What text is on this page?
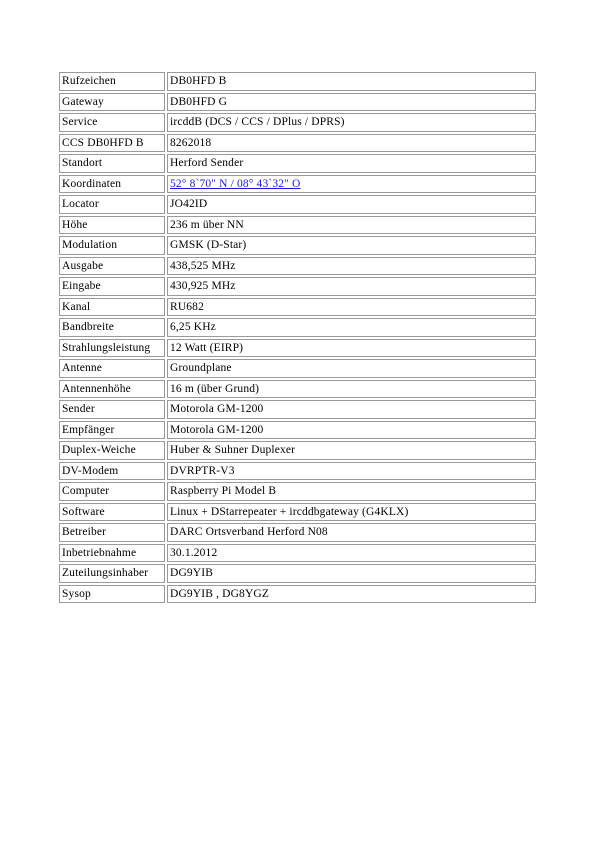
Rufzeichen	DB0HFD B
Gateway	DB0HFD G
Service	ircddB (DCS / CCS / DPlus / DPRS)
CCS DB0HFD B	8262018
Standort	Herford Sender
Koordinaten	52° 8`70" N / 08° 43`32" O
Locator	JO42ID
Höhe	236 m über NN
Modulation	GMSK (D-Star)
Ausgabe	438,525 MHz
Eingabe	430,925 MHz
Kanal	RU682
Bandbreite	6,25 KHz
Strahlungsleistung	12 Watt (EIRP)
Antenne	Groundplane
Antennenhöhe	16 m (über Grund)
Sender	Motorola GM-1200
Empfänger	Motorola GM-1200
Duplex-Weiche	Huber & Suhner Duplexer
DV-Modem	DVRPTR-V3
Computer	Raspberry Pi Model B
Software	Linux + DStarrepeater + ircddbgateway (G4KLX)
Betreiber	DARC Ortsverband Herford N08
Inbetriebnahme	30.1.2012
Zuteilungsinhaber	DG9YIB
Sysop	DG9YIB , DG8YGZ
